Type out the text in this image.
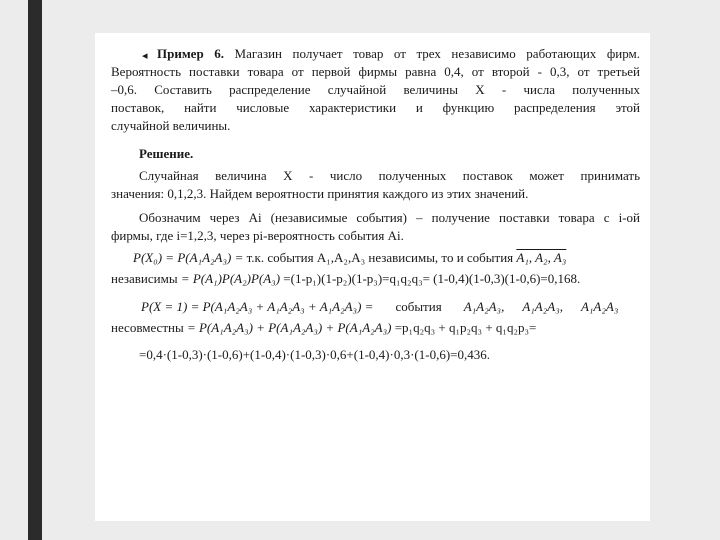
◂ Пример 6. Магазин получает товар от трех независимо работающих фирм.
Вероятность поставки товара от первой фирмы равна 0,4, от второй - 0,3, от третьей
–0,6. Составить распределение случайной величины X - числа полученных
поставок, найти числовые характеристики и функцию распределения этой
случайной величины.
Решение.
Случайная величина X - число полученных поставок может принимать
значения: 0,1,2,3. Найдем вероятности принятия каждого из этих значений.
Обозначим через Ai (независимые события) – получение поставки товара с i-ой
фирмы, где i=1,2,3, через pi-вероятность события Ai.
P(X₀) = P(A₁A₂A₃) = т.к. события A₁,A₂,A₃ независимы, то и события A₁, A₂, A₃
независимы = P(A₁)P(A₂)P(A₃) =(1-p₁)(1-p₂)(1-p₃)=q₁q₂q₃= (1-0,4)(1-0,3)(1-0,6)=0,168.
P(X = 1) = P(A₁A₂A₃ + A₁A₂A₃ + A₁A₂A₃) = события A₁A₂A₃, A₁A₂A₃, A₁A₂A₃
несовместны = P(A₁A₂A₃) + P(A₁A₂A₃) + P(A₁A₂A₃) =p₁q₂q₃ + q₁p₂q₃ + q₁q₂p₃=
=0,4·(1-0,3)·(1-0,6)+(1-0,4)·(1-0,3)·0,6+(1-0,4)·0,3·(1-0,6)=0,436.
